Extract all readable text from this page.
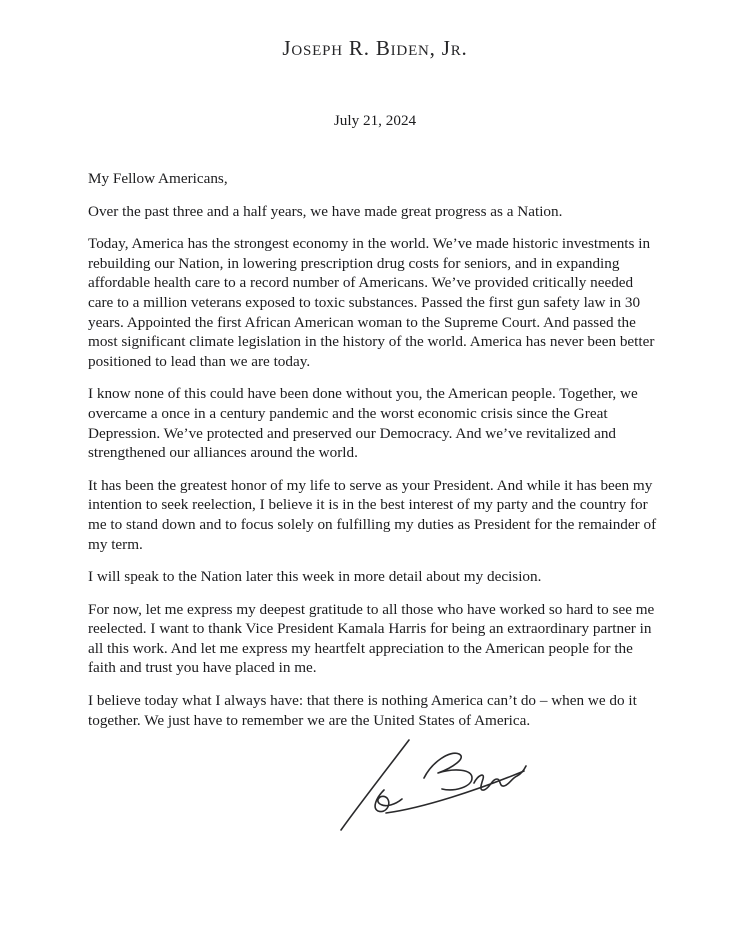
Joseph R. Biden, Jr.
July 21, 2024
My Fellow Americans,

Over the past three and a half years, we have made great progress as a Nation.

Today, America has the strongest economy in the world. We’ve made historic investments in rebuilding our Nation, in lowering prescription drug costs for seniors, and in expanding affordable health care to a record number of Americans. We’ve provided critically needed care to a million veterans exposed to toxic substances. Passed the first gun safety law in 30 years. Appointed the first African American woman to the Supreme Court. And passed the most significant climate legislation in the history of the world. America has never been better positioned to lead than we are today.

I know none of this could have been done without you, the American people. Together, we overcame a once in a century pandemic and the worst economic crisis since the Great Depression. We’ve protected and preserved our Democracy. And we’ve revitalized and strengthened our alliances around the world.

It has been the greatest honor of my life to serve as your President. And while it has been my intention to seek reelection, I believe it is in the best interest of my party and the country for me to stand down and to focus solely on fulfilling my duties as President for the remainder of my term.

I will speak to the Nation later this week in more detail about my decision.

For now, let me express my deepest gratitude to all those who have worked so hard to see me reelected. I want to thank Vice President Kamala Harris for being an extraordinary partner in all this work. And let me express my heartfelt appreciation to the American people for the faith and trust you have placed in me.

I believe today what I always have: that there is nothing America can’t do – when we do it together. We just have to remember we are the United States of America.
